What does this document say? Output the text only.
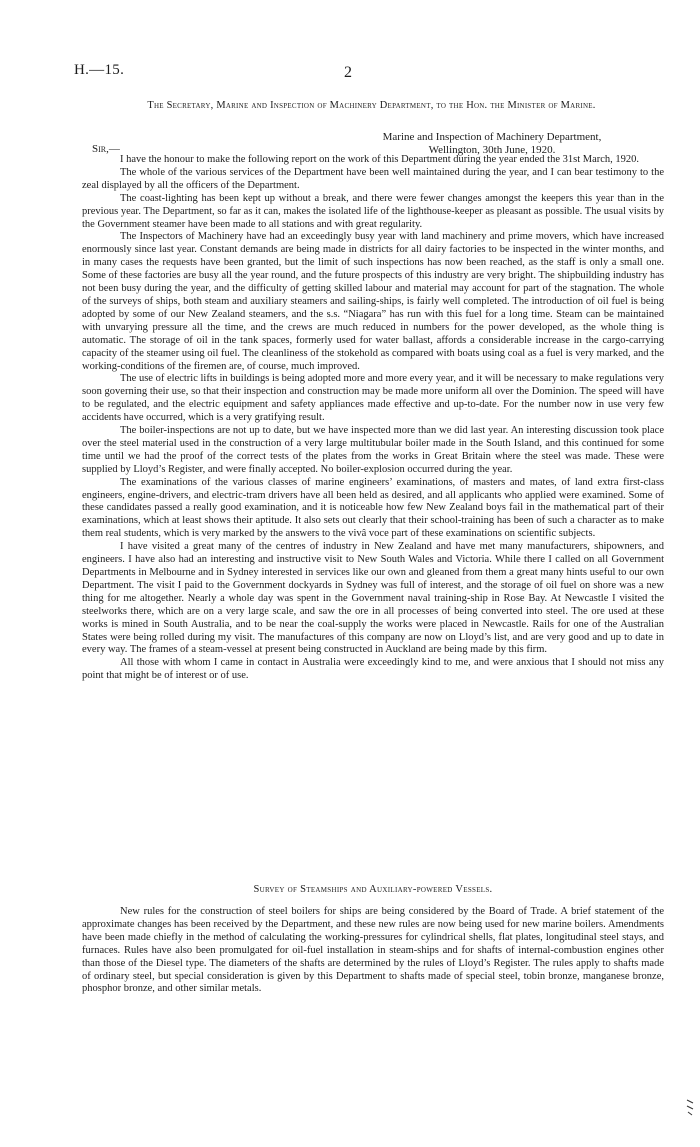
H.—15.	2
The Secretary, Marine and Inspection of Machinery Department, to the Hon. the Minister of Marine.
Marine and Inspection of Machinery Department,
Wellington, 30th June, 1920.
Sir,—

I have the honour to make the following report on the work of this Department during the year ended the 31st March, 1920.

The whole of the various services of the Department have been well maintained during the year, and I can bear testimony to the zeal displayed by all the officers of the Department.

The coast-lighting has been kept up without a break, and there were fewer changes amongst the keepers this year than in the previous year. The Department, so far as it can, makes the isolated life of the lighthouse-keeper as pleasant as possible. The usual visits by the Government steamer have been made to all stations and with great regularity.

The Inspectors of Machinery have had an exceedingly busy year with land machinery and prime movers, which have increased enormously since last year. Constant demands are being made in districts for all dairy factories to be inspected in the winter months, and in many cases the requests have been granted, but the limit of such inspections has now been reached, as the staff is only a small one. Some of these factories are busy all the year round, and the future prospects of this industry are very bright. The shipbuilding industry has not been busy during the year, and the difficulty of getting skilled labour and material may account for part of the stagnation. The whole of the surveys of ships, both steam and auxiliary steamers and sailing-ships, is fairly well completed. The introduction of oil fuel is being adopted by some of our New Zealand steamers, and the s.s. “Niagara” has run with this fuel for a long time. Steam can be maintained with unvarying pressure all the time, and the crews are much reduced in numbers for the power developed, as the whole thing is automatic. The storage of oil in the tank spaces, formerly used for water ballast, affords a considerable increase in the cargo-carrying capacity of the steamer using oil fuel. The cleanliness of the stokehold as compared with boats using coal as a fuel is very marked, and the working-conditions of the firemen are, of course, much improved.

The use of electric lifts in buildings is being adopted more and more every year, and it will be necessary to make regulations very soon governing their use, so that their inspection and construction may be made more uniform all over the Dominion. The speed will have to be regulated, and the electric equipment and safety appliances made effective and up-to-date. For the number now in use very few accidents have occurred, which is a very gratifying result.

The boiler-inspections are not up to date, but we have inspected more than we did last year. An interesting discussion took place over the steel material used in the construction of a very large multitubular boiler made in the South Island, and this continued for some time until we had the proof of the correct tests of the plates from the works in Great Britain where the steel was made. These were supplied by Lloyd’s Register, and were finally accepted. No boiler-explosion occurred during the year.

The examinations of the various classes of marine engineers’ examinations, of masters and mates, of land extra first-class engineers, engine-drivers, and electric-tram drivers have all been held as desired, and all applicants who applied were examined. Some of these candidates passed a really good examination, and it is noticeable how few New Zealand boys fail in the mathematical part of their examinations, which at least shows their aptitude. It also sets out clearly that their school-training has been of such a character as to make them real students, which is very marked by the answers to the vivâ voce part of these examinations on scientific subjects.

I have visited a great many of the centres of industry in New Zealand and have met many manufacturers, shipowners, and engineers. I have also had an interesting and instructive visit to New South Wales and Victoria. While there I called on all Government Departments in Melbourne and in Sydney interested in services like our own and gleaned from them a great many hints useful to our own Department. The visit I paid to the Government dockyards in Sydney was full of interest, and the storage of oil fuel on shore was a new thing for me altogether. Nearly a whole day was spent in the Government naval training-ship in Rose Bay. At Newcastle I visited the steelworks there, which are on a very large scale, and saw the ore in all processes of being converted into steel. The ore used at these works is mined in South Australia, and to be near the coal-supply the works were placed in Newcastle. Rails for one of the Australian States were being rolled during my visit. The manufactures of this company are now on Lloyd’s list, and are very good and up to date in every way. The frames of a steam-vessel at present being constructed in Auckland are being made by this firm.

All those with whom I came in contact in Australia were exceedingly kind to me, and were anxious that I should not miss any point that might be of interest or of use.

Survey of Steamships and Auxiliary-powered Vessels.

New rules for the construction of steel boilers for ships are being considered by the Board of Trade. A brief statement of the approximate changes has been received by the Department, and these new rules are now being used for new marine boilers. Amendments have been made chiefly in the method of calculating the working-pressures for cylindrical shells, flat plates, longitudinal steel stays, and furnaces. Rules have also been promulgated for oil-fuel installation in steam-ships and for shafts of internal-combustion engines other than those of the Diesel type. The diameters of the shafts are determined by the rules of Lloyd’s Register. The rules apply to shafts made of ordinary steel, but special consideration is given by this Department to shafts made of special steel, tobin bronze, manganese bronze, phosphor bronze, and other similar metals.
